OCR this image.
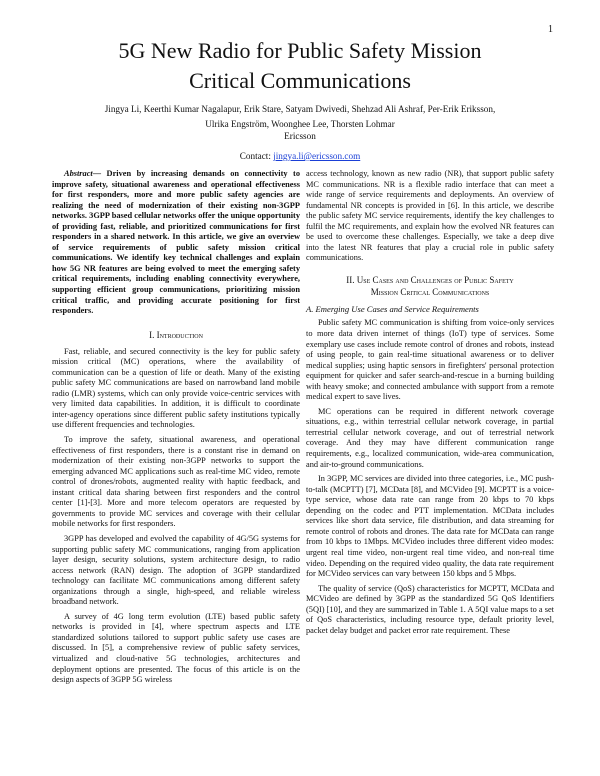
1
5G New Radio for Public Safety Mission
Critical Communications
Jingya Li, Keerthi Kumar Nagalapur, Erik Stare, Satyam Dwivedi, Shehzad Ali Ashraf, Per-Erik Eriksson,
Ulrika Engström, Woonghee Lee, Thorsten Lohmar
Ericsson
Contact: jingya.li@ericsson.com

Abstract— Driven by increasing demands on connectivity to improve safety, situational awareness and operational effectiveness for first responders, more and more public safety agencies are realizing the need of modernization of their existing non-3GPP networks. 3GPP based cellular networks offer the unique opportunity of providing fast, reliable, and prioritized communications for first responders in a shared network. In this article, we give an overview of service requirements of public safety mission critical communications. We identify key technical challenges and explain how 5G NR features are being evolved to meet the emerging safety critical requirements, including enabling connectivity everywhere, supporting efficient group communications, prioritizing mission critical traffic, and providing accurate positioning for first responders.

I. Introduction

Fast, reliable, and secured connectivity is the key for public safety mission critical (MC) operations, where the availability of communication can be a question of life or death. Many of the existing public safety MC communications are based on narrowband land mobile radio (LMR) systems, which can only provide voice-centric services with very limited data capabilities. In addition, it is difficult to coordinate inter-agency operations since different public safety institutions typically use different frequencies and technologies.

To improve the safety, situational awareness, and operational effectiveness of first responders, there is a constant rise in demand on modernization of their existing non-3GPP networks to support the emerging advanced MC applications such as real-time MC video, remote control of drones/robots, augmented reality with haptic feedback, and instant critical data sharing between first responders and the control center [1]-[3]. More and more telecom operators are requested by governments to provide MC services and coverage with their cellular mobile networks for first responders.

3GPP has developed and evolved the capability of 4G/5G systems for supporting public safety MC communications, ranging from application layer design, security solutions, system architecture design, to radio access network (RAN) design. The adoption of 3GPP standardized technology can facilitate MC communications among different safety organizations through a single, high-speed, and reliable wireless broadband network.

A survey of 4G long term evolution (LTE) based public safety networks is provided in [4], where spectrum aspects and LTE standardized solutions tailored to support public safety use cases are discussed. In [5], a comprehensive review of public safety services, virtualized and cloud-native 5G technologies, architectures and deployment options are presented. The focus of this article is on the design aspects of 3GPP 5G wireless

access technology, known as new radio (NR), that support public safety MC communications. NR is a flexible radio interface that can meet a wide range of service requirements and deployments. An overview of fundamental NR concepts is provided in [6]. In this article, we describe the public safety MC service requirements, identify the key challenges to fulfil the MC requirements, and explain how the evolved NR features can be used to overcome these challenges. Especially, we take a deep dive into the latest NR features that play a crucial role in public safety communications.

II. Use Cases and Challenges of Public Safety
Mission Critical Communications
A. Emerging Use Cases and Service Requirements

Public safety MC communication is shifting from voice-only services to more data driven internet of things (IoT) type of services. Some exemplary use cases include remote control of drones and robots, instead of using people, to gain real-time situational awareness or to deliver medical supplies; using haptic sensors in firefighters' personal protection equipment for quicker and safer search-and-rescue in a burning building with heavy smoke; and connected ambulance with support from a remote medical expert to save lives.

MC operations can be required in different network coverage situations, e.g., within terrestrial cellular network coverage, in partial terrestrial cellular network coverage, and out of terrestrial network coverage. And they may have different communication range requirements, e.g., localized communication, wide-area communication, and air-to-ground communications.

In 3GPP, MC services are divided into three categories, i.e., MC push-to-talk (MCPTT) [7], MCData [8], and MCVideo [9]. MCPTT is a voice-type service, whose data rate can range from 20 kbps to 70 kbps depending on the codec and PTT implementation. MCData includes services like short data service, file distribution, and data streaming for remote control of robots and drones. The data rate for MCData can range from 10 kbps to 1Mbps. MCVideo includes three different video modes: urgent real time video, non-urgent real time video, and non-real time video. Depending on the required video quality, the data rate requirement for MCVideo services can vary between 150 kbps and 5 Mbps.

The quality of service (QoS) characteristics for MCPTT, MCData and MCVideo are defined by 3GPP as the standardized 5G QoS Identifiers (5QI) [10], and they are summarized in Table 1. A 5QI value maps to a set of QoS characteristics, including resource type, default priority level, packet delay budget and packet error rate requirement. These
